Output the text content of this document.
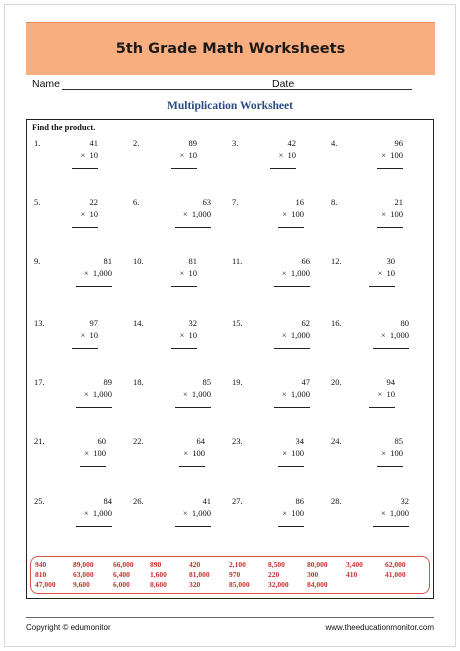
5th Grade Math Worksheets
Name	Date
Multiplication Worksheet
Find the product.
1.	41
×  10
2.	89
×  10
3.	42
×  10
4.	96
×  100
5.	22
×  10
6.	63
×  1,000
7.	16
×  100
8.	21
×  100
9.	81
×  1,000
10.	81
×  10
11.	66
×  1,000
12.	30
×  10
13.	97
×  10
14.	32
×  10
15.	62
×  1,000
16.	80
×  1,000
17.	89
×  1,000
18.	85
×  1,000
19.	47
×  1,000
20.	94
×  10
21.	60
×  100
22.	64
×  100
23.	34
×  100
24.	85
×  100
25.	84
×  1,000
26.	41
×  1,000
27.	86
×  100
28.	32
×  1,000
940	89,000	66,000 890	420	2,100	8,500	80,000 3,400	62,000
810	63,000	6,400	1,600	81,000	970	220	300	410	41,000
47,000 9,600	6,000	8,600	320	85,000 32,000 84,000
Copyright © edumonitor	www.theeducationmonitor.com
